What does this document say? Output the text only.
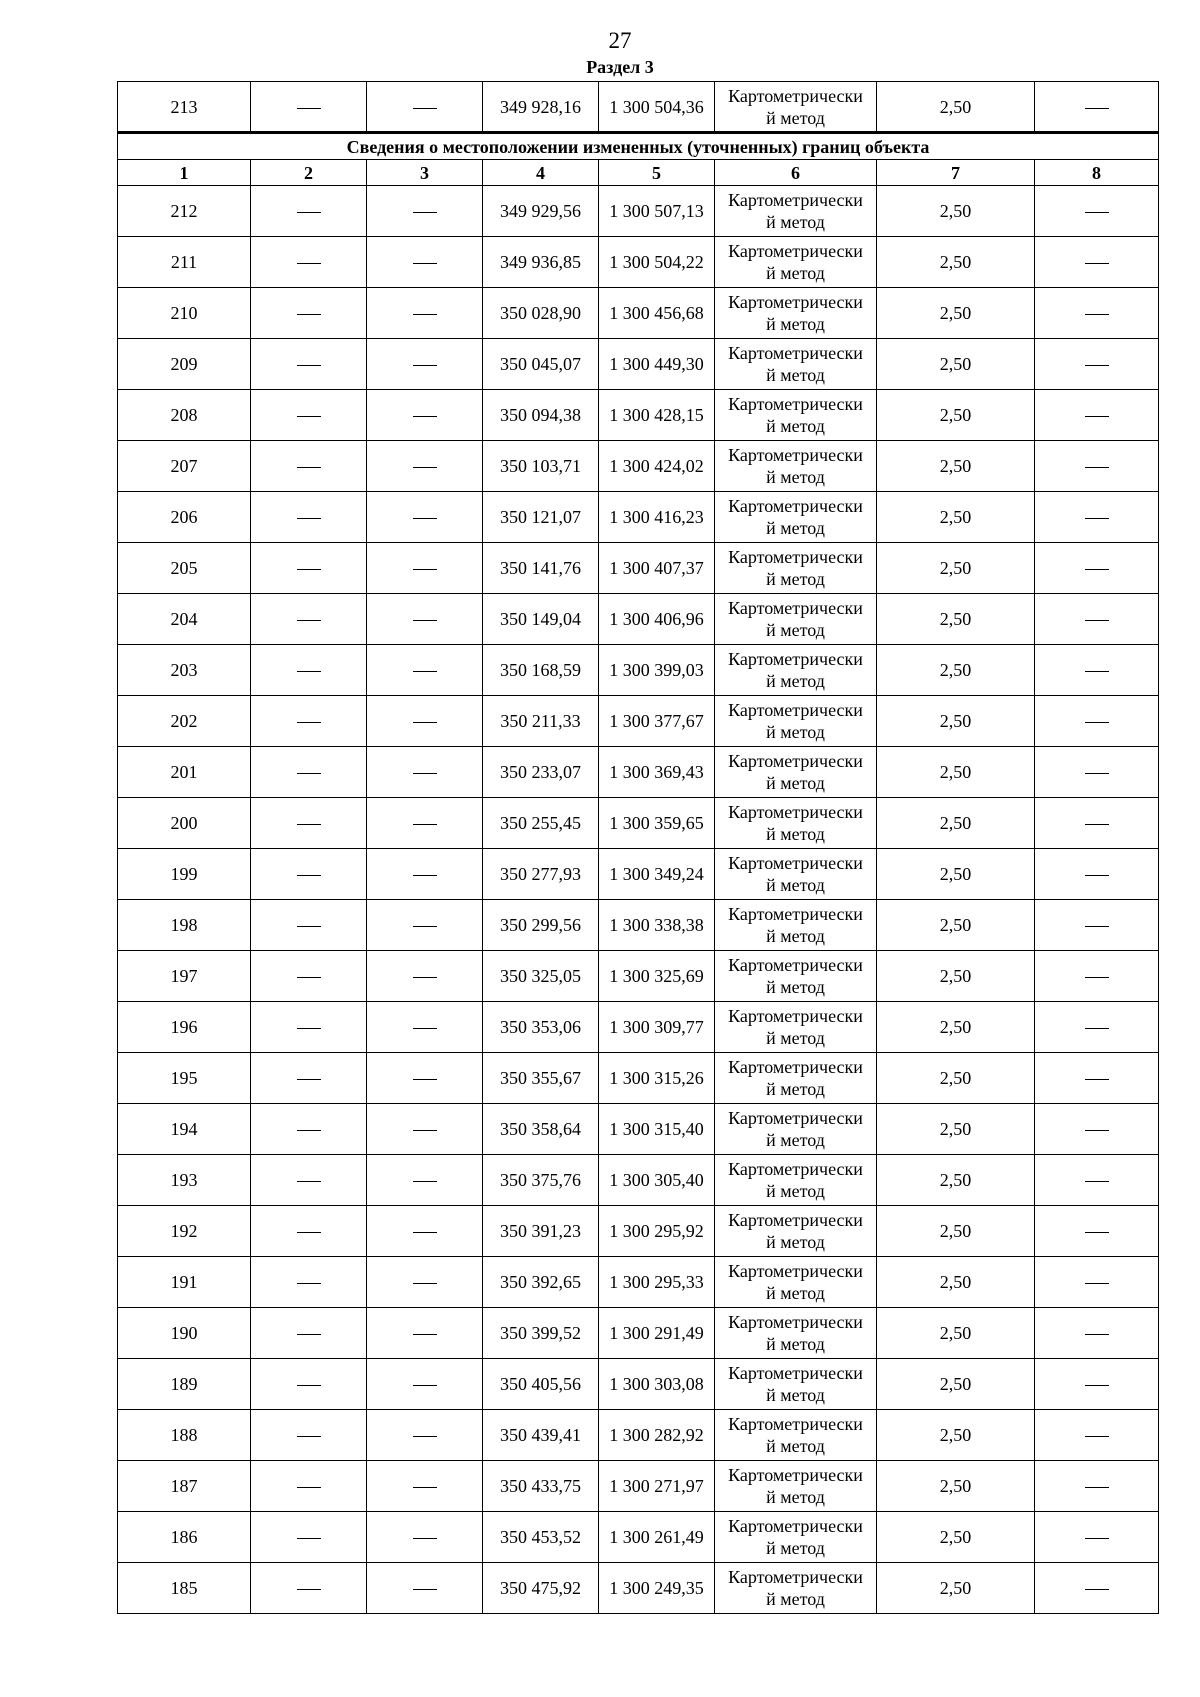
27
Раздел 3
213			349 928,16	1 300 504,36	Картометрически
й метод	2,50	
Сведения о местоположении измененных (уточненных) границ объекта							
1	2	3	4	5	6	7	8
212			349 929,56	1 300 507,13	Картометрически
й метод	2,50	
211			349 936,85	1 300 504,22	Картометрически
й метод	2,50	
210			350 028,90	1 300 456,68	Картометрически
й метод	2,50	
209			350 045,07	1 300 449,30	Картометрически
й метод	2,50	
208			350 094,38	1 300 428,15	Картометрически
й метод	2,50	
207			350 103,71	1 300 424,02	Картометрически
й метод	2,50	
206			350 121,07	1 300 416,23	Картометрически
й метод	2,50	
205			350 141,76	1 300 407,37	Картометрически
й метод	2,50	
204			350 149,04	1 300 406,96	Картометрически
й метод	2,50	
203			350 168,59	1 300 399,03	Картометрически
й метод	2,50	
202			350 211,33	1 300 377,67	Картометрически
й метод	2,50	
201			350 233,07	1 300 369,43	Картометрически
й метод	2,50	
200			350 255,45	1 300 359,65	Картометрически
й метод	2,50	
199			350 277,93	1 300 349,24	Картометрически
й метод	2,50	
198			350 299,56	1 300 338,38	Картометрически
й метод	2,50	
197			350 325,05	1 300 325,69	Картометрически
й метод	2,50	
196			350 353,06	1 300 309,77	Картометрически
й метод	2,50	
195			350 355,67	1 300 315,26	Картометрически
й метод	2,50	
194			350 358,64	1 300 315,40	Картометрически
й метод	2,50	
193			350 375,76	1 300 305,40	Картометрически
й метод	2,50	
192			350 391,23	1 300 295,92	Картометрически
й метод	2,50	
191			350 392,65	1 300 295,33	Картометрически
й метод	2,50	
190			350 399,52	1 300 291,49	Картометрически
й метод	2,50	
189			350 405,56	1 300 303,08	Картометрически
й метод	2,50	
188			350 439,41	1 300 282,92	Картометрически
й метод	2,50	
187			350 433,75	1 300 271,97	Картометрически
й метод	2,50	
186			350 453,52	1 300 261,49	Картометрически
й метод	2,50	
185			350 475,92	1 300 249,35	Картометрически
й метод	2,50	
